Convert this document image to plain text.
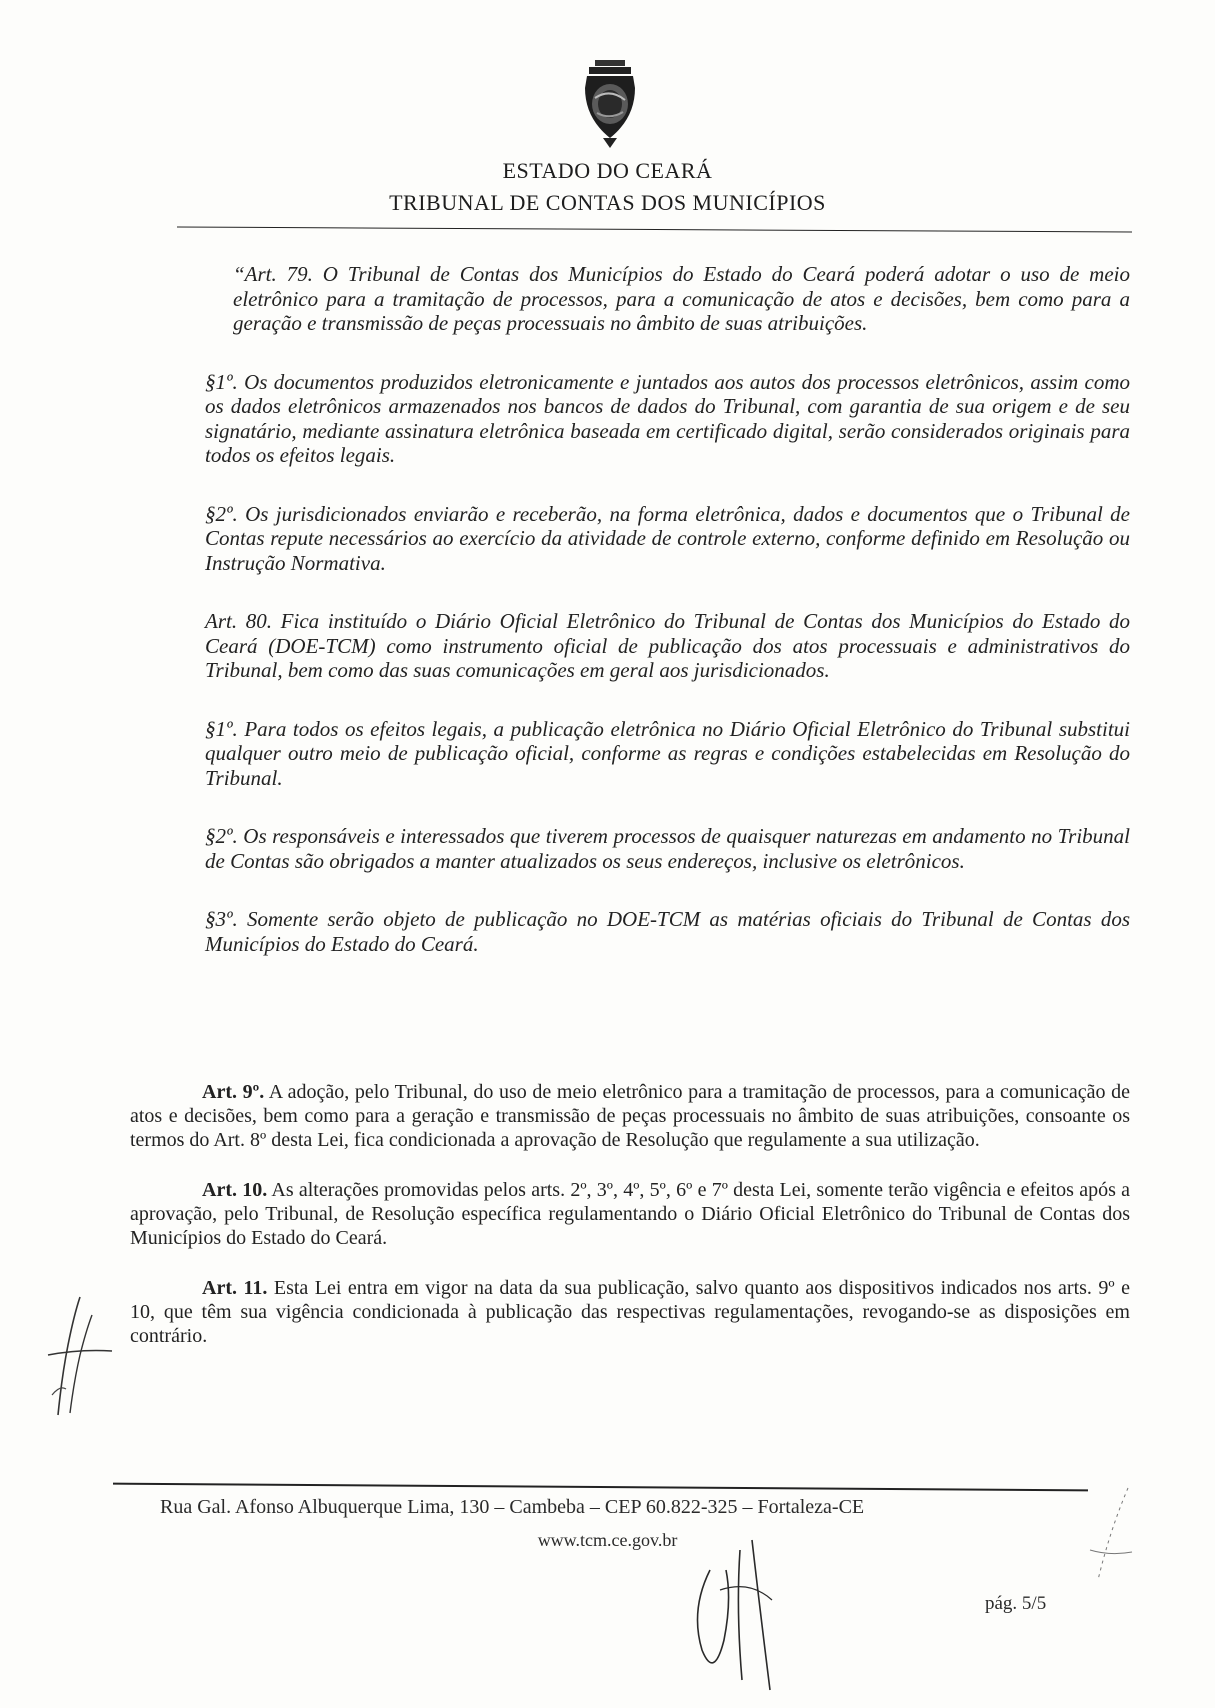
ESTADO DO CEARÁ
TRIBUNAL DE CONTAS DOS MUNICÍPIOS

“Art. 79. O Tribunal de Contas dos Municípios do Estado do Ceará poderá adotar o uso de meio eletrônico para a tramitação de processos, para a comunicação de atos e decisões, bem como para a geração e transmissão de peças processuais no âmbito de suas atribuições.

§1º. Os documentos produzidos eletronicamente e juntados aos autos dos processos eletrônicos, assim como os dados eletrônicos armazenados nos bancos de dados do Tribunal, com garantia de sua origem e de seu signatário, mediante assinatura eletrônica baseada em certificado digital, serão considerados originais para todos os efeitos legais.

§2º. Os jurisdicionados enviarão e receberão, na forma eletrônica, dados e documentos que o Tribunal de Contas repute necessários ao exercício da atividade de controle externo, conforme definido em Resolução ou Instrução Normativa.

Art. 80. Fica instituído o Diário Oficial Eletrônico do Tribunal de Contas dos Municípios do Estado do Ceará (DOE-TCM) como instrumento oficial de publicação dos atos processuais e administrativos do Tribunal, bem como das suas comunicações em geral aos jurisdicionados.

§1º. Para todos os efeitos legais, a publicação eletrônica no Diário Oficial Eletrônico do Tribunal substitui qualquer outro meio de publicação oficial, conforme as regras e condições estabelecidas em Resolução do Tribunal.

§2º. Os responsáveis e interessados que tiverem processos de quaisquer naturezas em andamento no Tribunal de Contas são obrigados a manter atualizados os seus endereços, inclusive os eletrônicos.

§3º. Somente serão objeto de publicação no DOE-TCM as matérias oficiais do Tribunal de Contas dos Municípios do Estado do Ceará.

Art. 9º. A adoção, pelo Tribunal, do uso de meio eletrônico para a tramitação de processos, para a comunicação de atos e decisões, bem como para a geração e transmissão de peças processuais no âmbito de suas atribuições, consoante os termos do Art. 8º desta Lei, fica condicionada a aprovação de Resolução que regulamente a sua utilização.

Art. 10. As alterações promovidas pelos arts. 2º, 3º, 4º, 5º, 6º e 7º desta Lei, somente terão vigência e efeitos após a aprovação, pelo Tribunal, de Resolução específica regulamentando o Diário Oficial Eletrônico do Tribunal de Contas dos Municípios do Estado do Ceará.

Art. 11. Esta Lei entra em vigor na data da sua publicação, salvo quanto aos dispositivos indicados nos arts. 9º e 10, que têm sua vigência condicionada à publicação das respectivas regulamentações, revogando-se as disposições em contrário.

Rua Gal. Afonso Albuquerque Lima, 130 – Cambeba – CEP 60.822-325 – Fortaleza-CE
www.tcm.ce.gov.br
pág. 5/5
